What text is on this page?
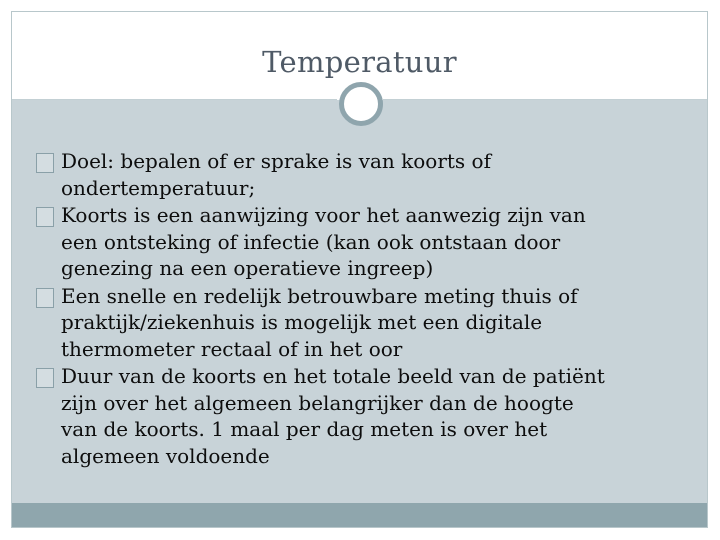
Temperatuur
Doel: bepalen of er sprake is van koorts of ondertemperatuur;
Koorts is een aanwijzing voor het aanwezig zijn van een ontsteking of infectie (kan ook ontstaan door genezing na een operatieve ingreep)
Een snelle en redelijk betrouwbare meting thuis of praktijk/ziekenhuis is mogelijk met een digitale thermometer rectaal of in het oor
Duur van de koorts en het totale beeld van de patiënt zijn over het algemeen belangrijker dan de hoogte van de koorts. 1 maal per dag meten is over het algemeen voldoende
